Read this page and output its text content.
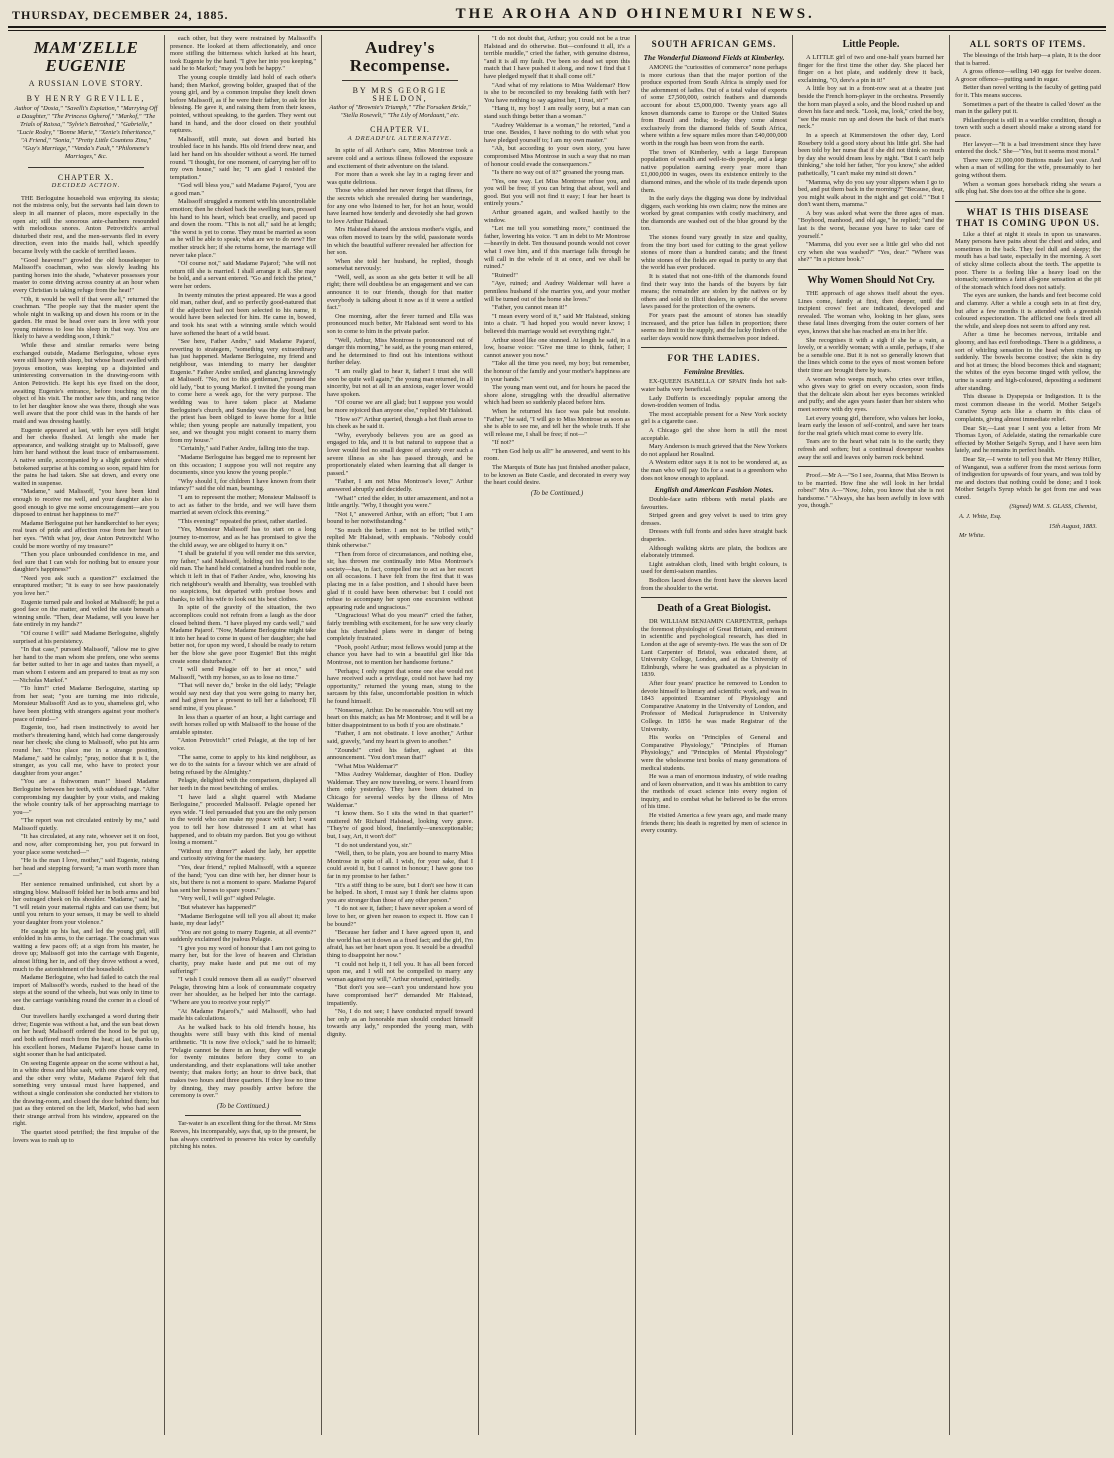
THURSDAY, DECEMBER 24, 1885.	THE AROHA AND OHINEMURI NEWS.
MAM'ZELLE EUGENIE
A RUSSIAN LOVE STORY.
BY HENRY GREVILLE,
Author of "Dosia," "Savelli's Expiation," "Marrying Off a Daughter," "The Princess Ogherof," "Markof," "The Trials of Raissa," "Sylvie's Betrothed," "Gabrielle," "Lucie Rodey," "Bonne Marie," "Xenie's Inheritance," "A Friend," "Sonia," "Pretty Little Countess Zina," "Guy's Marriage," "Vanda's Fault," "Philomene's Marriages," &c.
CHAPTER X.
DECIDED ACTION.

THE Berloguine household was enjoying its siesta; not the mistress only, but the servants had lain down to sleep in all manner of places, more especially in the open air; still the sonorous ante-chambers resounded with melodious snores. Anton Petrovitch's arrival disturbed their rest, and the men-servants fled in every direction, even into the maids hall, which speedily became lively with the cackle of terrified lasses.

"Good heavens!" growled the old housekeeper to Malissoff's coachman, who was slowly leading his panting horses into the shade, "whatever possesses your master to come driving across country at an hour when every Christian is taking refuge from the heat!"

"Oh, it would be well if that were all," returned the coachman. "The people say that the master spent the whole night in walking up and down his room or in the garden. He must be head over ears in love with your young mistress to lose his sleep in that way. You are likely to have a wedding soon, I think."

While these and similar remarks were being exchanged outside, Madame Berloguine, whose eyes were still heavy with sleep, but whose heart swelled with joyous emotion, was keeping up a disjointed and uninteresting conversation in the drawing-room with Anton Petrovitch. He kept his eye fixed on the door, awaiting Eugenie's entrance, before touching on the object of his visit. The mother saw this, and rang twice to let her daughter know she was there, though she was well aware that the poor child was in the hands of her maid and was dressing hastily.

Eugenie appeared at last, with her eyes still bright and her cheeks flushed. At length she made her appearance, and walking straight up to Malissoff, gave him her hand without the least trace of embarrassment. A native smile, accompanied by a slight gesture which betokened surprise at his coming so soon, repaid him for the pains he had taken. She sat down, and every one waited in suspense.

"Madame," said Malissoff, "you have been kind enough to receive me well, and your daughter also is good enough to give me some encouragement—are you disposed to entrust her happiness to me?"

Madame Berloguine put her handkerchief to her eyes; real tears of pride and affection rose from her heart to her eyes. "With what joy, dear Anton Petrovitch! Who could be more worthy of my treasure?"

"Then you place unbounded confidence in me, and feel sure that I can wish for nothing but to ensure your daughter's happiness?"

"Need you ask such a question?" exclaimed the enraptured mother; "it is easy to see how passionately you love her."

Eugenie turned pale and looked at Malissoff; he put a good face on the matter, and veiled the state beneath a winning smile. "Then, dear Madame, will you leave her fate entirely in my hands?"

"Of course I will!" said Madame Berloguine, slightly surprised at his persistency.

"In that case," pursued Malissoff, "allow me to give her hand to the man whom she prefers, one who seems far better suited to her in age and tastes than myself, a man whom I esteem and am prepared to treat as my son—Nicholas Markof."

"To him!" cried Madame Berloguine, starting up from her seat; "you are turning me into ridicule, Monsieur Malissoff! And as to you, shameless girl, who have been plotting with strangers against your mother's peace of mind—"

Eugenie, too, had risen instinctively to avoid her mother's threatening hand, which had come dangerously near her cheek; she clung to Malissoff, who put his arm round her. "You place me in a strange position, Madame," said he calmly; "pray, notice that it is I, the stranger, as you call me, who have to protect your daughter from your anger."

"You are a fishwomen man!" hissed Madame Berloguine between her teeth, with subdued rage. "After compromising my daughter by your visits, and making the whole country talk of her approaching marriage to you—"

"The report was not circulated entirely by me," said Malissoff quietly.

"It has circulated, at any rate, whoever set it on foot, and now, after compromising her, you put forward in your place some wretched—"

"He is the man I love, mother," said Eugenie, raising her head and stepping forward; "a man worth more than—"

Her sentence remained unfinished, cut short by a stinging blow. Malissoff folded her in both arms and bid her outraged cheek on his shoulder. "Madame," said he, "I will retain your maternal rights and can use them; but until you return to your senses, it may be well to shield your daughter from your violence."

He caught up his hat, and led the young girl, still enfolded in his arms, to the carriage. The coachman was waiting a few paces off; at a sign from his master, he drove up; Malissoff got into the carriage with Eugenie, almost lifting her in, and off they drove without a word, much to the astonishment of the household.

Madame Berloguine, who had failed to catch the real import of Malissoff's words, rushed to the head of the steps at the sound of the wheels, but was only in time to see the carriage vanishing round the corner in a cloud of dust.

Our travellers hardly exchanged a word during their drive; Eugenie was without a hat, and the sun beat down on her head; Malissoff ordered the hood to be put up, and both suffered much from the heat; at last, thanks to his excellent horses, Madame Pajarof's house came in sight sooner than he had anticipated.

On seeing Eugenie appear on the scene without a hat, in a white dress and blue sash, with one cheek very red, and the other very white, Madame Pajarof felt that something very unusual must have happened, and without a single confession she conducted her visitors to the drawing-room, and closed the door behind them; but just as they entered on the left, Markof, who had seen their strange arrival from his window, appeared on the right.

The quartet stood petrified; the first impulse of the lovers was to rush up to

each other, but they were restrained by Malissoff's presence. He looked at them affectionately, and once more stifling the bitterness which lurked at his heart, took Eugenie by the hand. "I give her into you keeping," said he to Markof; "may you both be happy."

The young couple timidly laid hold of each other's hand; then Markof, growing bolder, grasped that of the young girl, and by a common impulse they knelt down before Malissoff, as if he were their father, to ask for his blessing. He gave it, and raising them from their knees, pointed, without speaking, to the garden. They went out hand in hand, and the door closed on their youthful raptures.

Malissoff, still mute, sat down and buried his troubled face in his hands. His old friend drew near, and laid her hand on his shoulder without a word. He turned round. "I thought, for one moment, of carrying her off to my own house," said he; "I am glad I resisted the temptation."

"God will bless you," said Madame Pajarof, "you are a good man."

Malissoff struggled a moment with his uncontrollable emotion; then he choked back the swelling tears, pressed his hand to his heart, which beat cruelly, and paced up and down the room. "This is not all," said he at length; "the worst is yet to come. They must be married as soon as he will be able to speak; what are we to do now? Her mother struck her; if she returns home, the marriage will never take place."

"Of course not," said Madame Pajarof; "she will not return till she is married. I shall arrange it all. She may be bold, and a servant entered. "Go and fetch the priest," were her orders.

In twenty minutes the priest appeared. He was a good old man, rather deaf, and so perfectly good-natured that if the adjective had not been selected to his name, it would have been selected for him. He came in, bowed, and took his seat with a winning smile which would have softened the heart of a wild beast.

"See here, Father Andre," said Madame Pajarof, reverting to strategem, "something very extraordinary has just happened. Madame Berloguine, my friend and neighbour, was intending to marry her daughter Eugenie." Father Andre smiled, and glancing knowingly at Malissoff. "No, not to this gentleman," pursued the old lady, "but to young Markof. I invited the young man to come here a week ago, for the very purpose. The wedding was to have taken place at Madame Berloguine's church, and Sunday was the day fixed, but the priest has been obliged to leave home for a little while; then young people are naturally impatient, you see, and we thought you might consent to marry them from my house."

"Certainly," said Father Andre, falling into the trap.

"Madame Berloguine has begged me to represent her on this occasion; I suppose you will not require any documents, since you know the young people."

"Why should I, for children I have known from their infancy!" said the old man, beaming.

"I am to represent the mother; Monsieur Malissoff is to act as father to the bride, and we will have them married at seven o'clock this evening."

"This evening!" repeated the priest, rather startled.

"Yes, Monsieur Malissoff has to start on a long journey to-morrow, and as he has promised to give the the child away, we are obliged to hurry it on."

"I shall be grateful if you will render me this service, my father," said Malissoff, holding out his hand to the old man. The hand held contained a hundred rouble note, which it left in that of Father Andre, who, knowing his rich neighbour's wealth and liberality, was troubled with no suspicions, but departed with profuse bows and thanks, to tell his wife to look out his best clothes.

In spite of the gravity of the situation, the two accomplices could not refrain from a laugh as the door closed behind them. "I have played my cards well," said Madame Pajarof. "Now, Madame Berloguine might take it into her head to come in quest of her daughter; she had better not, for upon my word, I should be ready to return her the blow she gave poor Eugenie! But this might create some disturbance."

"I will send Pelagie off to her at once," said Malissoff, "with my horses, so as to lose no time."

"That will never do," broke in the old lady; "Pelagie would say next day that you were going to marry her, and had given her a present to tell her a falsehood; I'll send mine, if you please."

In less than a quarter of an hour, a light carriage and swift horses rolled up with Malissoff to the house of the amiable spinster.

"Anton Petrovitch!" cried Pelagie, at the top of her voice.

"The same, come to apply to his kind neighbour, as we do to the saints for a favour which we are afraid of being refused by the Almighty."

Pelagie, delighted with the comparison, displayed all her teeth in the most bewitching of smiles.

"I have laid a slight quarrel with Madame Berloguine," proceeded Malissoff. Pelagie opened her eyes wide. "I feel persuaded that you are the only person in the world who can make my peace with her; I want you to tell her how distressed I am at what has happened, and to obtain my pardon. But you go without losing a moment."

"Without my dinner?" asked the lady, her appetite and curiosity striving for the mastery.

"Yes, dear friend," replied Malissoff, with a squeeze of the hand; "you can dine with her, her dinner hour is six, but there is not a moment to spare. Madame Pajarof has sent her horses to spare yours."

"Very well, I will go!" sighed Pelagie.

"But whatever has happened?"

"Madame Berloguine will tell you all about it; make haste, my dear lady!"

"You are not going to marry Eugenie, at all events?" suddenly exclaimed the jealous Pelagie.

"I give you my word of honour that I am not going to marry her, but for the love of heaven and Christian charity, pray make haste and put me out of my suffering!"

"I wish I could remove them all as easily!" observed Pelagie, throwing him a look of consummate coquetry over her shoulder, as he helped her into the carriage. "Where are you to receive your reply?"

"At Madame Pajarof's," said Malissoff, who had made his calculations.

As he walked back to his old friend's house, his thoughts were still busy with this kind of mental arithmetic. "It is now five o'clock," said he to himself; "Pelagie cannot be there in an hour, they will wrangle for twenty minutes before they come to an understanding, and their explanations will take another twenty; that makes forty; an hour to drive back, that makes two hours and three quarters. If they lose no time by dinning, they may possibly arrive before the ceremony is over."

(To be Continued.)

Tar-water is an excellent thing for the throat. Mr Sims Reeves, his incomparably, says that, up to the present, he has always contrived to preserve his voice by carefully pitching his notes.

Audrey's Recompense.
BY MRS GEORGIE SHELDON,
Author of "Brownie's Triumph," "The Forsaken Bride," "Stella Rosevelt," "The Lily of Mordaunt," etc.
CHAPTER VI.
A DREADFUL ALTERNATIVE.

In spite of all Arthur's care, Miss Montrose took a severe cold and a serious illness followed the exposure and excitement of their adventure on the island.

For more than a week she lay in a raging fever and was quite delirious.

Those who attended her never forgot that illness, for the secrets which she revealed during her wanderings, for any one who listened to her, for hot an hour, would have learned how tenderly and devotedly she had grown to love Arthur Halstead.

Mrs Halstead shared the anxious mother's vigils, and was often moved to tears by the wild, passionate words in which the beautiful sufferer revealed her affection for her son.

When she told her husband, he replied, though somewhat nervously:

"Well, well, as soon as she gets better it will be all right; there will doubtless be an engagement and we can announce it to our friends, though for that matter everybody is talking about it now as if it were a settled fact."

One morning, after the fever turned and Ella was pronounced much better, Mr Halstead sent word to his son to come to him in the private parlor.

"Well, Arthur, Miss Montrose is pronounced out of danger this morning," he said, as the young man entered, and he determined to find out his intentions without further delay.

"I am really glad to hear it, father! I trust she will soon be quite well again," the young man returned, in all sincerity, but not at all in an anxious, eager lover would have spoken.

"Of course we are all glad; but I suppose you would be more rejoiced than anyone else," replied Mr Halstead.

"How so?" Arthur queried, though a hot flush arose to his cheek as he said it.

"Why, everybody believes you are as good as engaged to Ida, and it is but natural to suppose that a lover would feel no small degree of anxiety over such a severe illness as she has passed through, and be proportionately elated when learning that all danger is passed."

"Father, I am not Miss Montrose's lover," Arthur answered abruptly and decidedly.

"What!" cried the elder, in utter amazement, and not a little angrily. "Why, I thought you were."

"Not I," answered Arthur, with an effort; "but I am bound to her notwithstanding."

"So much the better. I am not to be trifled with," replied Mr Halstead, with emphasis. "Nobody could think otherwise."

"Then from force of circumstances, and nothing else, sir, has thrown me continually into Miss Montrose's society—has, in fact, compelled me to act as her escort on all occasions. I have felt from the first that it was placing me in a false position, and I should have been glad if it could have been otherwise: but I could not refuse to accompany her upon one excursion without appearing rude and ungracious."

"Ungracious! What do you mean?" cried the father, fairly trembling with excitement, for he saw very clearly that his cherished plans were in danger of being completely frustrated.

"Pooh, pooh! Arthur; most fellows would jump at the chance you have had to win a beautiful girl like Ida Montrose, not to mention her handsome fortune."

"Perhaps; I only regret that some one else would not have received such a privilege, could not have had my opportunity," returned the young man, stung to the sarcasm by this false, uncomfortable position in which he found himself.

"Nonsense, Arthur. Do be reasonable. You will set my heart on this match; as has Mr Montrose; and it will be a bitter disappointment to us both if you are obstinate."

"Father, I am not obstinate. I love another," Arthur said, gravely, "and my heart is given to another."

"Zounds!" cried his father, aghast at this announcement. "You don't mean that!"

"What Miss Waldemar?"

"Miss Audrey Waldemar, daughter of Hon. Dudley Waldemar. They are now traveling, or were. I heard from them only yesterday. They have been detained in Chicago for several weeks by the illness of Mrs Waldemar."

"I know them. So I sits the wind in that quarter!" muttered Mr Richard Halstead, looking very grave. "They're of good blood, finefamily—unexceptionable; but, I say, Art, it won't do!"

"I do not understand you, sir."

"Well, then, to be plain, you are bound to marry Miss Montrose in spite of all. I wish, for your sake, that I could avoid it, but I cannot in honour; I have gone too far in my promise to her father."

"It's a stiff thing to be sure, but I don't see how it can be helped. In short, I must say I think her claims upon you are stronger than those of any other person."

"I do not see it, father; I have never spoken a word of love to her, or given her reason to expect it. How can I be bound?"

"Because her father and I have agreed upon it, and the world has set it down as a fixed fact; and the girl, I'm afraid, has set her heart upon you. It would be a dreadful thing to disappoint her now."

"I could not help it, I tell you. It has all been forced upon me, and I will not be compelled to marry any woman against my will," Arthur returned, spiritedly.

"But don't you see—can't you understand how you have compromised her?" demanded Mr Halstead, impatiently.

"No, I do not see; I have conducted myself toward her only as an honorable man should conduct himself towards any lady," responded the young man, with dignity.

"I do not doubt that, Arthur; you could not be a true Halstead and do otherwise. But—confound it all, it's a terrible muddle," cried the father, with genuine distress, "and it is all my fault. I've been so dead set upon this match that I have pushed it along, and now I find that I have pledged myself that it shall come off."

"And what of my relations to Miss Waldemar? How is she to be reconciled to my breaking faith with her? You have nothing to say against her, I trust, sir?"

"Hang it, my boy! I am really sorry, but a man can stand such things better than a woman."

"Audrey Waldemar is a woman," he retorted, "and a true one. Besides, I have nothing to do with what you have pledged yourself to; I am my own master."

"Ah, but according to your own story, you have compromised Miss Montrose in such a way that no man of honour could evade the consequences."

"Is there no way out of it?" groaned the young man.

"Yes, one way. Let Miss Montrose refuse you, and you will be free; if you can bring that about, well and good. But you will not find it easy; I fear her heart is entirely yours."

Arthur groaned again, and walked hastily to the window.

"Let me tell you something more," continued the father, lowering his voice. "I am in debt to Mr Montrose—heavily in debt. Ten thousand pounds would not cover what I owe him, and if this marriage falls through he will call in the whole of it at once, and we shall be ruined."

"Ruined!"

"Aye, ruined; and Audrey Waldemar will have a penniless husband if she marries you, and your mother will be turned out of the home she loves."

"Father, you cannot mean it!"

"I mean every word of it," said Mr Halstead, sinking into a chair. "I had hoped you would never know; I believed this marriage would set everything right."

Arthur stood like one stunned. At length he said, in a low, hoarse voice: "Give me time to think, father; I cannot answer you now."

"Take all the time you need, my boy; but remember, the honour of the family and your mother's happiness are in your hands."

The young man went out, and for hours he paced the shore alone, struggling with the dreadful alternative which had been so suddenly placed before him.

When he returned his face was pale but resolute. "Father," he said, "I will go to Miss Montrose as soon as she is able to see me, and tell her the whole truth. If she will release me, I shall be free; if not—"

"If not?"

"Then God help us all!" he answered, and went to his room.

The Marquis of Bute has just finished another palace, to be known as Bute Castle, and decorated in every way the heart could desire.

(To be Continued.)
SOUTH AFRICAN GEMS.
The Wonderful Diamond Fields at Kimberley.

AMONG the "curiosities of commerce" none perhaps is more curious than that the major portion of the produce exported from South Africa is simply used for the adornment of ladies. Out of a total value of exports of some £7,500,000, ostrich feathers and diamonds account for about £5,000,000. Twenty years ago all known diamonds came to Europe or the United States from Brazil and India; to-day they come almost exclusively from the diamond fields of South Africa, where within a few square miles more than £40,000,000 worth in the rough has been won from the earth.

The town of Kimberley, with a large European population of wealth and well-to-do people, and a large native population earning every year more than £1,000,000 in wages, owes its existence entirely to the diamond mines, and the whole of its trade depends upon them.

In the early days the digging was done by individual diggers, each working his own claim; now the mines are worked by great companies with costly machinery, and the diamonds are washed out of the blue ground by the ton.

The stones found vary greatly in size and quality, from the tiny bort used for cutting to the great yellow stones of more than a hundred carats; and the finest white stones of the fields are equal in purity to any that the world has ever produced.

It is stated that not one-fifth of the diamonds found find their way into the hands of the buyers by fair means; the remainder are stolen by the natives or by others and sold to illicit dealers, in spite of the severe laws passed for the protection of the owners.

For years past the amount of stones has steadily increased, and the price has fallen in proportion; there seems no limit to the supply, and the lucky finders of the earlier days would now think themselves poor indeed.

FOR THE LADIES.
Feminine Brevities.

EX-QUEEN ISABELLA OF SPAIN finds hot salt-water baths very beneficial.

Lady Dufferin is exceedingly popular among the down-trodden women of India.

The most acceptable present for a New York society girl is a cigarette case.

A Chicago girl the shoe horn is still the most acceptable.

Mary Anderson is much grieved that the New Yorkers do not applaud her Rosalind.

A Western editor says it is not to be wondered at, as the man who will pay 10s for a seat is a greenhorn who does not know enough to applaud.

English and American Fashion Notes.

Double-face satin ribbons with metal plaids are favourites.

Striped green and grey velvet is used to trim grey dresses.

Dresses with full fronts and sides have straight back draperies.

Although walking skirts are plain, the bodices are elaborately trimmed.

Light astrakhan cloth, lined with bright colours, is used for demi-saison mantles.

Bodices laced down the front have the sleeves laced from the shoulder to the wrist.

Death of a Great Biologist.

DR WILLIAM BENJAMIN CARPENTER, perhaps the foremost physiologist of Great Britain, and eminent in scientific and psychological research, has died in London at the age of seventy-two. He was the son of Dr Lant Carpenter of Bristol, was educated there, at University College, London, and at the University of Edinburgh, where he was graduated as a physician in 1839.

After four years' practice he removed to London to devote himself to literary and scientific work, and was in 1843 appointed Examiner of Physiology and Comparative Anatomy in the University of London, and Professor of Medical Jurisprudence in University College. In 1856 he was made Registrar of the University.

His works on "Principles of General and Comparative Physiology," "Principles of Human Physiology," and "Principles of Mental Physiology" were the wholesome text books of many generations of medical students.

He was a man of enormous industry, of wide reading and of keen observation, and it was his ambition to carry the methods of exact science into every region of inquiry, and to combat what he believed to be the errors of his time.

He visited America a few years ago, and made many friends there; his death is regretted by men of science in every country.

Little People.

A LITTLE girl of two and one-half years burned her finger for the first time the other day. She placed her finger on a hot plate, and suddenly drew it back, exclaiming, "O, dere's a pin in it!"

A little boy sat in a front-row seat at a theatre just beside the French horn-player in the orchestra. Presently the horn man played a solo, and the blood rushed up and down his face and neck. "Look, ma, look," cried the boy, "see the music run up and down the back of that man's neck."

In a speech at Kimmerstown the other day, Lord Rosebery told a good story about his little girl. She had been told by her nurse that if she did not think so much by day she would dream less by night. "But I can't help thinking," she told her father, "for you know," she added pathetically, "I can't make my mind sit down."

"Mamma, why do you say your slippers when I go to bed, and put them back in the morning?" "Because, dear, you might walk about in the night and get cold." "But I don't want them, mamma."

A boy was asked what were the three ages of man. "Boyhood, manhood, and old age," he replied; "and the last is the worst, because you have to take care of yourself."

"Mamma, did you ever see a little girl who did not cry when she was washed?" "Yes, dear." "Where was she?" "In a picture book."

Why Women Should Not Cry.

THE approach of age shows itself about the eyes. Lines come, faintly at first, then deeper, until the incipient crows' feet are indicated, developed and revealed. The woman who, looking in her glass, sees these fatal lines diverging from the outer corners of her eyes, knows that she has reached an era in her life.

She recognises it with a sigh if she be a vain, a lovely, or a worldly woman; with a smile, perhaps, if she be a sensible one. But it is not so generally known that the lines which come to the eyes of most women before their time are brought there by tears.

A woman who weeps much, who cries over trifles, who gives way to grief on every occasion, soon finds that the delicate skin about her eyes becomes wrinkled and puffy; and she ages years faster than her sisters who meet sorrow with dry eyes.

Let every young girl, therefore, who values her looks, learn early the lesson of self-control, and save her tears for the real griefs which must come to every life.

Tears are to the heart what rain is to the earth; they refresh and soften; but a continual downpour washes away the soil and leaves only barren rock behind.

Proof.—Mr A—"So I see, Joanna, that Miss Brown is to be married. How fine she will look in her bridal robes!" Mrs A—"Now, John, you know that she is not handsome." "Always, she has been awfully in love with you, though."

ALL SORTS OF ITEMS.

The blessings of the Irish harp—a plain, It is the door that is barred.

A gross offence—selling 140 eggs for twelve dozen. A grocer offence—putting sand in sugar.

Better than novel writing is the faculty of getting paid for it. This means success.

Sometimes a part of the theatre is called 'down' as the man in the gallery put it.

Philanthropist is still in a warlike condition, though a town with such a desert should make a strong stand for peace.

Her lawyer—"It is a bad investment since they have entered the dock." She—"Yes, but it seems most moral."

There were 21,000,000 Buttons made last year. And when a man of willing for the wife, presumably to her going without them.

When a woman goes horseback riding she wears a silk plug hat. She does too at the office she is gone.

WHAT IS THIS DISEASE THAT IS COMING UPON US.

Like a thief at night it steals in upon us unawares. Many persons have pains about the chest and sides, and sometimes in the back. They feel dull and sleepy; the mouth has a bad taste, especially in the morning. A sort of sticky slime collects about the teeth. The appetite is poor. There is a feeling like a heavy load on the stomach; sometimes a faint all-gone sensation at the pit of the stomach which food does not satisfy.

The eyes are sunken, the hands and feet become cold and clammy. After a while a cough sets in at first dry, but after a few months it is attended with a greenish coloured expectoration. The afflicted one feels tired all the while, and sleep does not seem to afford any rest.

After a time he becomes nervous, irritable and gloomy, and has evil forebodings. There is a giddiness, a sort of whirling sensation in the head when rising up suddenly. The bowels become costive; the skin is dry and hot at times; the blood becomes thick and stagnant; the whites of the eyes become tinged with yellow, the urine is scanty and high-coloured, depositing a sediment after standing.

This disease is Dyspepsia or Indigestion. It is the most common disease in the world. Mother Seigel's Curative Syrup acts like a charm in this class of complaints, giving almost immediate relief.

Dear Sir,—Last year I sent you a letter from Mr Thomas Lyon, of Adelaide, stating the remarkable cure effected by Mother Seigel's Syrup, and I have seen him lately, and he remains in perfect health.

Dear Sir,—I wrote to tell you that Mr Henry Hillier, of Wanganui, was a sufferer from the most serious form of indigestion for upwards of four years, and was told by me and doctors that nothing could be done; and I took Mother Seigel's Syrup which he got from me and was cured.

(Signed) WM. S. GLASS, Chemist,
A. J. White, Esq.
15th August, 1883.
Mr White.
